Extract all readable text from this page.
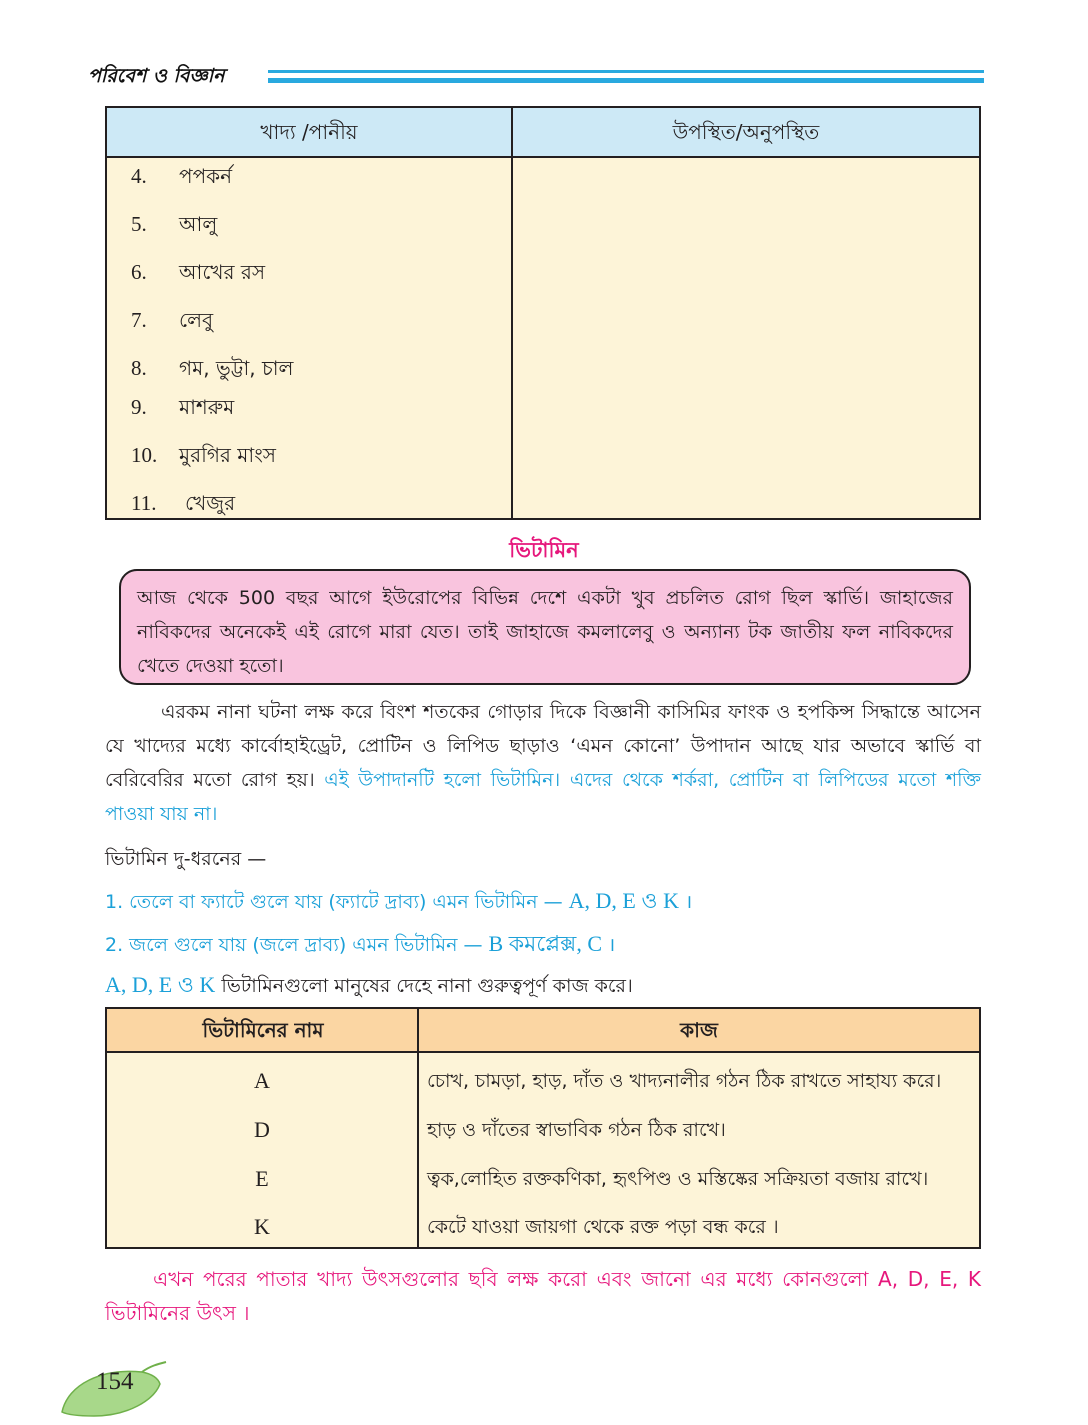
পরিবেশ ও বিজ্ঞান
খাদ্য /পানীয়	উপস্থিত/অনুপস্থিত
4. পপকর্ন
5. আলু
6. আখের রস
7. লেবু
8. গম, ভুট্টা, চাল
9. মাশরুম
10. মুরগির মাংস
11. খেজুর
ভিটামিন
আজ থেকে 500 বছর আগে ইউরোপের বিভিন্ন দেশে একটা খুব প্রচলিত রোগ ছিল স্কার্ভি। জাহাজের নাবিকদের অনেকেই এই রোগে মারা যেত। তাই জাহাজে কমলালেবু ও অন্যান্য টক জাতীয় ফল নাবিকদের খেতে দেওয়া হতো।
এরকম নানা ঘটনা লক্ষ করে বিংশ শতকের গোড়ার দিকে বিজ্ঞানী কাসিমির ফাংক ও হপকিন্স সিদ্ধান্তে আসেন যে খাদ্যের মধ্যে কার্বোহাইড্রেট, প্রোটিন ও লিপিড ছাড়াও ‘এমন কোনো’ উপাদান আছে যার অভাবে স্কার্ভি বা বেরিবেরির মতো রোগ হয়। এই উপাদানটি হলো ভিটামিন। এদের থেকে শর্করা, প্রোটিন বা লিপিডের মতো শক্তি পাওয়া যায় না।
ভিটামিন দু-ধরনের —
1. তেলে বা ফ্যাটে গুলে যায় (ফ্যাটে দ্রাব্য) এমন ভিটামিন — A, D, E ও K ।
2. জলে গুলে যায় (জলে দ্রাব্য) এমন ভিটামিন — B কমপ্লেক্স, C ।
A, D, E ও K ভিটামিনগুলো মানুষের দেহে নানা গুরুত্বপূর্ণ কাজ করে।
ভিটামিনের নাম	কাজ
A	চোখ, চামড়া, হাড়, দাঁত ও খাদ্যনালীর গঠন ঠিক রাখতে সাহায্য করে।
D	হাড় ও দাঁতের স্বাভাবিক গঠন ঠিক রাখে।
E	ত্বক,লোহিত রক্তকণিকা, হৃৎপিণ্ড ও মস্তিষ্কের সক্রিয়তা বজায় রাখে।
K	কেটে যাওয়া জায়গা থেকে রক্ত পড়া বন্ধ করে ।
এখন পরের পাতার খাদ্য উৎসগুলোর ছবি লক্ষ করো এবং জানো এর মধ্যে কোনগুলো A, D, E, K ভিটামিনের উৎস ।
154
